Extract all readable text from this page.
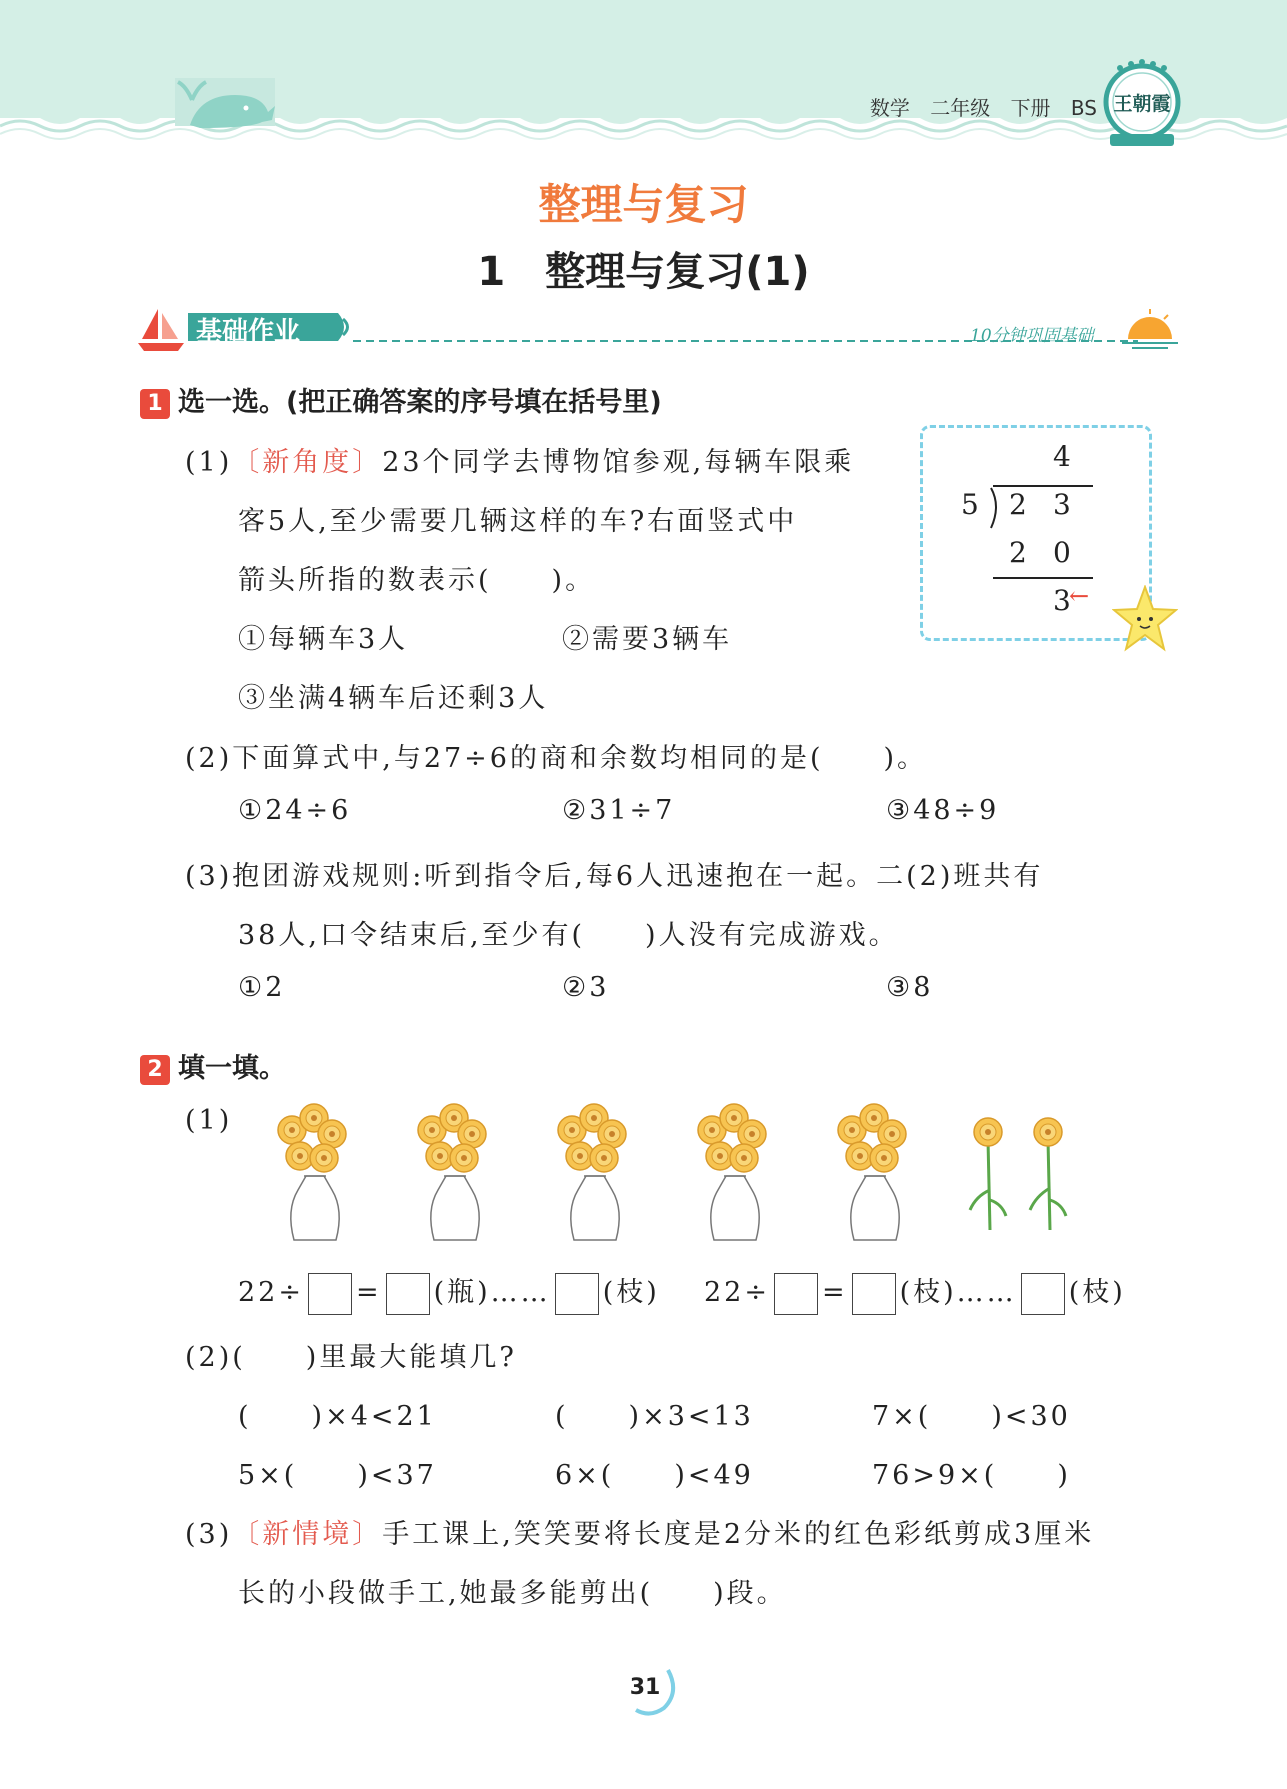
数学 二年级 下册 BS 王朝霞
整理与复习
1　整理与复习(1)
基础作业	10分钟巩固基础
1 选一选。(把正确答案的序号填在括号里)
(1)〔新角度〕23个同学去博物馆参观,每辆车限乘
客5人,至少需要几辆这样的车?右面竖式中
箭头所指的数表示(　　)。
①每辆车3人	②需要3辆车
③坐满4辆车后还剩3人
4
5 2 3
2 0
3
←
(2)下面算式中,与27÷6的商和余数均相同的是(　　)。
①24÷6	②31÷7	③48÷9
(3)抱团游戏规则:听到指令后,每6人迅速抱在一起。二(2)班共有
38人,口令结束后,至少有(　　)人没有完成游戏。
①2	②3	③8
2 填一填。
(1)
22÷ = (瓶)…… (枝) 22÷ = (枝)…… (枝)
(2)(　　)里最大能填几?
(　　)×4<21	(　　)×3<13	7×(　　)<30
5×(　　)<37	6×(　　)<49	76>9×(　　)
(3)〔新情境〕手工课上,笑笑要将长度是2分米的红色彩纸剪成3厘米
长的小段做手工,她最多能剪出(　　)段。
31
